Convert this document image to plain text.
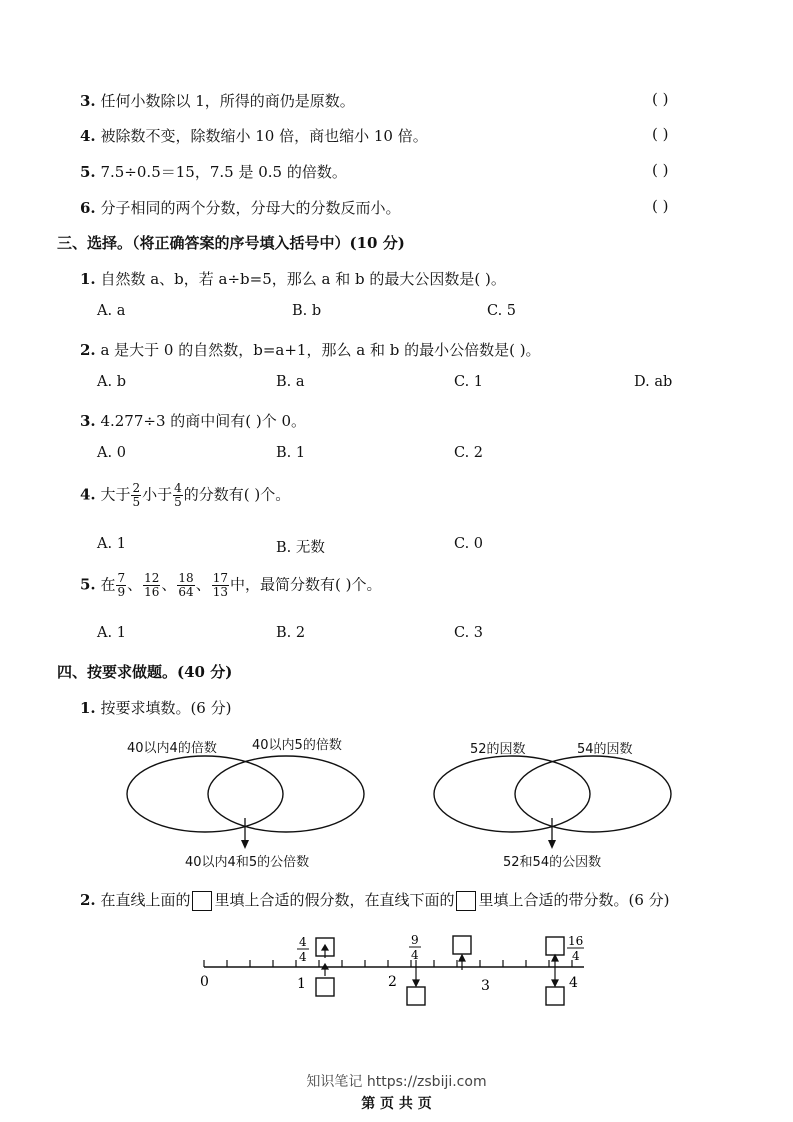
3. 任何小数除以 1，所得的商仍是原数。	( )
4. 被除数不变，除数缩小 10 倍，商也缩小 10 倍。	( )
5. 7.5÷0.5＝15，7.5 是 0.5 的倍数。	( )
6. 分子相同的两个分数，分母大的分数反而小。	( )
三、选择。（将正确答案的序号填入括号中）(10 分)
1. 自然数 a、b，若 a÷b=5，那么 a 和 b 的最大公因数是( )。
A. a	B. b	C. 5
2. a 是大于 0 的自然数，b=a+1，那么 a 和 b 的最小公倍数是( )。
A. b	B. a	C. 1	D. ab
3. 4.277÷3 的商中间有( )个 0。
A. 0	B. 1	C. 2
4. 大于 $\frac{2}{5}$ 小于 $\frac{4}{5}$ 的分数有( )个。
A. 1	B. 无数	C. 0
5. 在 $\frac{7}{9}$ 、 $\frac{12}{16}$ 、 $\frac{18}{64}$ 、 $\frac{17}{13}$ 中，最简分数有( )个。
A. 1	B. 2	C. 3
四、按要求做题。(40 分)
1. 按要求填数。(6 分)
40以内4的倍数	40以内5的倍数
40以内4和5的公倍数
52的因数	54的因数
52和54的公因数
2. 在直线上面的 里填上合适的假分数，在直线下面的 里填上合适的带分数。(6 分)
0	1	2	3	4
4
4
9
4
16
4
知识笔记 https://zsbiji.com
第 页 共 页
